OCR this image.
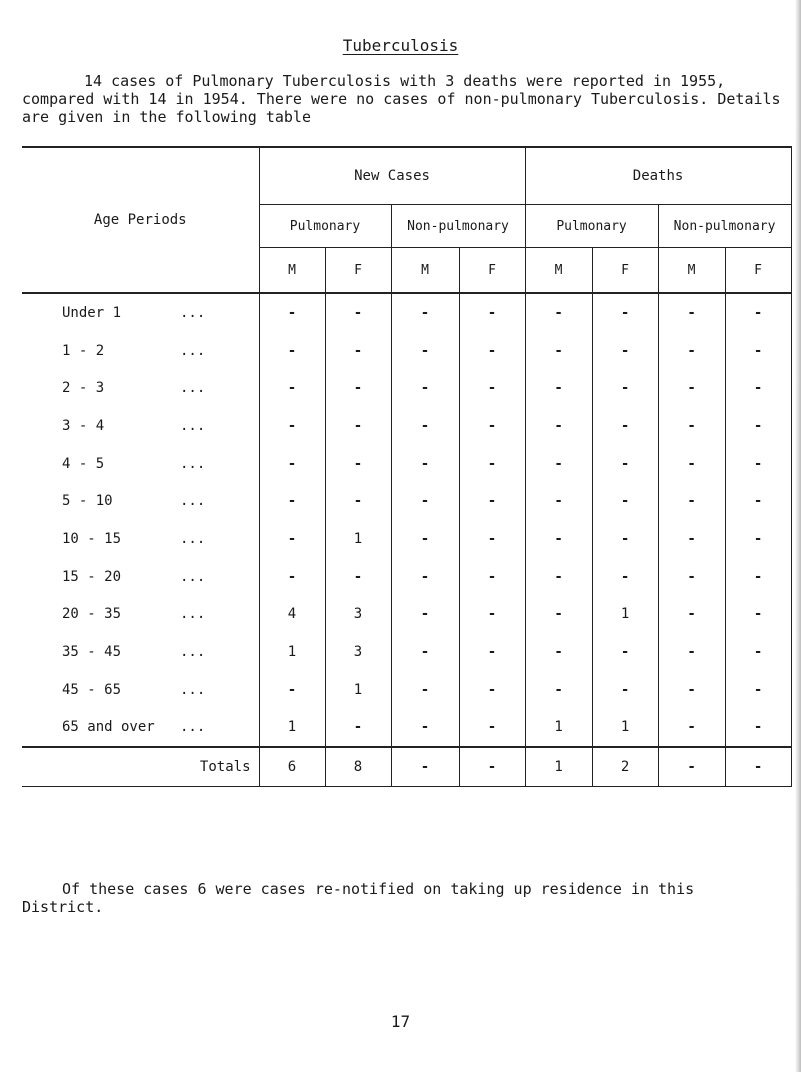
Tuberculosis

14 cases of Pulmonary Tuberculosis with 3 deaths were reported in 1955, compared with 14 in 1954. There were no cases of non-pulmonary Tuberculosis. Details are given in the following table

Age Periods	New Cases				Deaths			
	Pulmonary		Non-pulmonary		Pulmonary		Non-pulmonary	
	M	F	M	F	M	F	M	F
Under 1 ...	-	-	-	-	-	-	-	-
1 - 2 ...	-	-	-	-	-	-	-	-
2 - 3 ...	-	-	-	-	-	-	-	-
3 - 4 ...	-	-	-	-	-	-	-	-
4 - 5 ...	-	-	-	-	-	-	-	-
5 - 10 ...	-	-	-	-	-	-	-	-
10 - 15 ...	-	1	-	-	-	-	-	-
15 - 20 ...	-	-	-	-	-	-	-	-
20 - 35 ...	4	3	-	-	-	1	-	-
35 - 45 ...	1	3	-	-	-	-	-	-
45 - 65 ...	-	1	-	-	-	-	-	-
65 and over ...	1	-	-	-	1	1	-	-
Totals	6	8	-	-	1	2	-	-

Of these cases 6 were cases re-notified on taking up residence in this District.

17
